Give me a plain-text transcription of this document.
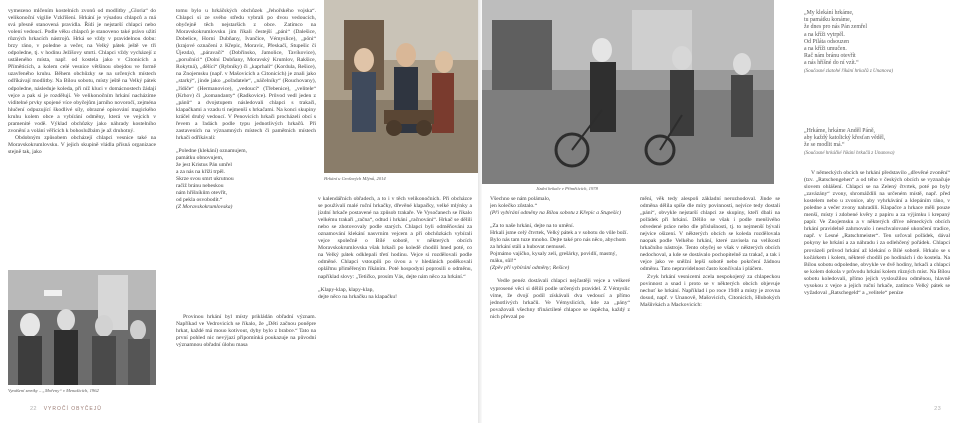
vymezeno mlčením kostelních zvonů od modlitby „Gloria“ do velikonoční vigilie Vzkříšení. Hrkání je výsadou chlapců a má svá přesně stanovená pravidla. Řídí je nejstarší chlapci nebo volení vedoucí. Podle věku chlapců je stanoveno také právo užití různých hrkacích nástrojů. Hrká se vždy v pravidelnou dobu: brzy ráno, v poledne a večer, na Velký pátek ještě ve tři odpoledne, tj. v hodinu Ježíšovy smrti. Chlapci vždy vycházejí z ustáleného místa, např. od kostela jako v Citonicích a Přímětících, a kolem celé vesnice většinou obejdou ve formě uzavřeného kruhu. Během obchůzky se na určených místech odříkávají modlitby. Na Bílou sobotu, místy ještě na Velký pátek odpoledne, následuje koleda, při níž kluci v domácnostech žádají vejce a pak si je rozdělují. Ve velikonočním hrkání nacházíme viditelné prvky spojené více obyčejům jarního novoročí, zejména hlučení odpuzující škodlivé síly, obrazné opisování magického kruhu kolem obce a vybírání odměny, která ve vejcích v pramenité vodě. Výklad obchůzky jako náhrady kostelního zvonění a volání věřících k bohoslužbám je až druhotný.

Obdobným způsobem obcházejí chlapci vesnice také na Moravskokrumlovsku. V jejich skupině vládla přísná organizace stejně tak, jako

Vynášení smrtky – „Mořeny“ v Menašicích, 1962

tomu bylo u hrkáčských obchůzek „řehořského vojska“. Chlapci si ze svého středu vybrali po dvou vedoucích, obyčejně těch nejstarších z obce. Zatímco na Moravskokrumlovsku jim říkali čestejší „páni“ (Dalešice, Dobelice, Horní Dubňany, Ivančice, Vémyslice), „pöni“ (krajové označení z Křepic, Moravic, Přeskačí, Stupešic či Újezda), „páravačí“ (Dobřínsko, Jamolice, Tavíkovice), „poručníci“ (Dolní Dubňany, Moravský Krumlov, Rakšice, Rokytná), „dělíci“ (Rybníky) či „kaprhalí“ (Kordula, Rešice), na Znojemsku (např. v Mašovicích a Citonicích) je znali jako „starký“, jinde jako „pořadatele“, „náčelníky“ (Rouchovany), „řídiče“ (Hermanovice), „vedoucí“ (Třebenice), „velitele“ (Krhov) či „komandanty“ (Radkovice). Průvod vedl jeden z „pánů“ a dvojstupem následovali chlapci s trakači, klapačkami a vzadu ti nejmenší s hrkačami. Na konci skupiny kráčel druhý vedoucí. V Penovicích hrkači procházeli obcí s řevem a řadách podle typu jednotlivých hrkačů. Při zastaveních na významných místech či pamětních místech hrkači odříkávali:

„Poledne (klekání) oznamujem,

památku obnovujem,

že jest Kristus Pán umřel

a za nás na kříži trpěl.

Skrze svou smrt ukrutnou

račiž bránu nebeskou

nám hříšníkům otevřít,

od pekla osvobodit.“

(Z Moravskokrumlovska)

Provinou hrkání byl místy prikládán obřadní význam. Napříkad ve Vedrovicích se říkalo, že „Děti začnou poněpre hrkat, každé má mouo kotivout, dyby bylo z brabce.“ Tato na první pohled nic nevýjazí připomínká poukazuje na původní významnou obřadní úlohu masa

22 VYROČÍ OBYČEJŮ
Hrkání u Grošových Mlýnů, 2014
Jízdní hrkače v Přímětících, 1978

v kalendářních obřadech, a to i v těch velikonočních. Při obcházce se používalí malé ruční hrkačky, dřevěné klapačky, velké mlýnky a jízdní hrkače postavené na způsob trakaře. Ve Vysočanech se říkalo velkému trakaři „račna“, odtud i hrkání „račnování“. Hrkač se dělili nebo se zhotovovaly podle starých. Chlapci byli odměňováni za oznamování klekání nasvrním vejcem a při obchůzkách vybírali vejce společně o Bílé sobotě, v některých obcích Moravskokrumlovska však hrkači po koledě chodili hned poté, co na Velký pátek odklepali třetí hodinu. Vejce si rozdělovali podle odměné. Chlapci vstoupili po úvou a v hledáních poděkovali oplářmu přiměřeným říkáním. Poté hospodyní poprosili o odměnu, například slovy: „Tetičko, prosím Vás, dejte nám něco za hrkání.“

„Klapy-klap, klapy-klap,

dejte něco na hrkačku na klapačku!

Všechno se nám polámalo,

jen kolečko zůstalo.“

(Při vybírání odměny na Bílou sobotu z Křepic a Stupešic)

„Za to naše hrkání, dejte na to umění.

Hrkali jsme celý čtvrtek, Velký pátek a v sobotu do vůle boží.

Bylo nás tam tuze mnoho. Dejte také pro nás něco, abychom za hrkání stáli a hubovat nemusel.

Pojmámo vajíčko, kysaly zeli, grešárky, povidlí, mastný, máku, sůl!“

(Zpěv při vybírání odměny; Rešice)

Vedle penéz dostávali chlapci nejčastěji vejce a veškeré vyprosené věci si dělili podle určených pravidel. Z Vémyslic víme, že dvojí podíl získávali dva vedoucí a přímo jednotlivých hrkačů. Ve Vémyslicích, kde za „pány“ považovali všechny třináctileté chlapce se úspěcha, každý z nich převzal po

mění, věk tedy alespoň základní nerozhodoval. Jinde se odměna dělila spíše dle míry povinnosti, nejvíce tedy dostali „páni“, obvykle nejstarší chlapci ze skupiny, kteří dbali na pořádek při hrkání. Dělilo se však i podle menšivého odvedené práce nebo dle příslušnosti, tj. to nejmenší bývali nejvíce ošizení. V některých obcích se koleda rozdělovala naopak podle Velkého hrkání, které zavisela na velikosti hrkačního nástroje. Tento obyčej se však v některých obcích nedochoval, a kde se dostávalo pochopitelně za trakač, a tak i vejce jako ve sněžní lepší sobotě nebo pokrčení žádnou odměnu. Tato nepravidelnost často končívala i pláčem.

Zvyk hrkání vesnicemi zcela nespokojený za chlapeckou povinnost a snad i proto se v některých obcích objevuje nechuť ke hrkání. Například i po roce 1948 a místy je zrovna dosud, např. v Unanově, Mašovicích, Citonicích, Hlubokých Mašůvkách a Mackovicích:

„My klekání hrkáme,
tu památku konáme,
že dnes pro nás Pán zemřel
a na kříži vytrpěl.
Od Piláta odsouzen
a na kříži umučen.
Rač nám bránu otevřít
a nás hříšné do ní vzít.“
(Současné zlatohé říkání hrkačů z Unanova)
„Hrkáme, hrkáme Anděl Páně,
aby každý katolický křesťan věděl,
že se modlit má.“
(Současné hrkáčké říkání hrkačů z Unanova)

V německých obcích se hrkání představilo „dřevěné zvonění“ (tzv. „Ratschengehen“ a od tého v českých obcích se vyznačuje slovem ohlášení. Chlapci se na Zelený čtvrtek, poté po byly „zavázány“ zvony, shromáždili na určeném místě, např. před kostelem nebo u zvonice, aby vyhrkávání a klepáním ráno, v poledne a večer zvony nahradili. Klapačce a hrkace měli pouze menší, místy i zdobené kvěry z papíru a za výjimku i krepaný papír. Ve Znojemsku a v některých dříve německých obcích hrkání pravidelně zahrnovalo i neschvalované ukončení tradice, např. v Lesné „Ratschmeister“. Ten určoval pořádek, dával pokyny ke hrkání a za náhradu i za odlehčený pořádek. Chlapci provázeli průvod hrkání až klekání o Bílé sobotě. Hrkalo se s kočárkem i kolem, některé chodili po hodinách i do kostela. Na Bílou sobotu odpoledne, obvykle ve dvě hodiny, hrkači a chlapci se kolem dokola v průvodu hrkání kolem různých míst. Na Bílou sobotu koledovali, přímo jejich vysloužilou odměnou, hlavně vysokou z vejce a jejich ruční hrkače, zatímco Velký pátek se vyžadoval „Ratschegeld“ a „velitele“ peníze

23
